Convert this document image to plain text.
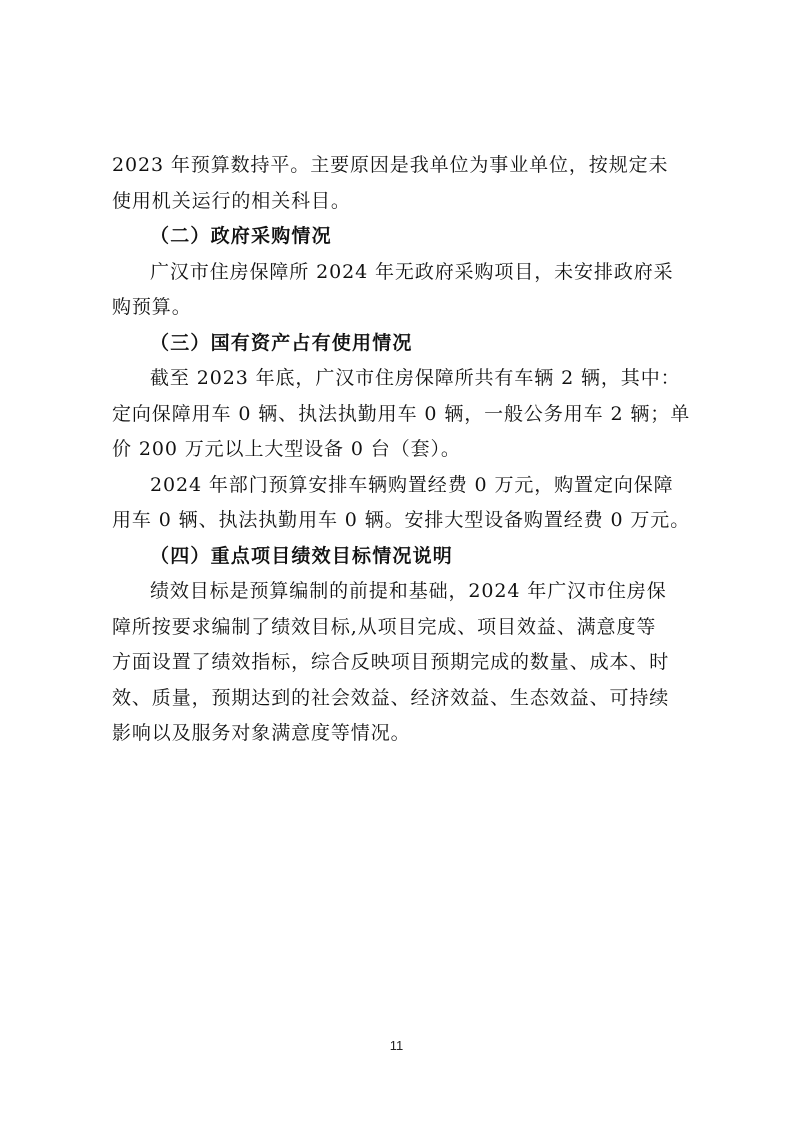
2023 年预算数持平。主要原因是我单位为事业单位，按规定未
使用机关运行的相关科目。
（二）政府采购情况
广汉市住房保障所 2024 年无政府采购项目，未安排政府采
购预算。
（三）国有资产占有使用情况
截至 2023 年底，广汉市住房保障所共有车辆 2 辆，其中：
定向保障用车 0 辆、执法执勤用车 0 辆，一般公务用车 2 辆；单
价 200 万元以上大型设备 0 台（套）。
2024 年部门预算安排车辆购置经费 0 万元，购置定向保障
用车 0 辆、执法执勤用车 0 辆。安排大型设备购置经费 0 万元。
（四）重点项目绩效目标情况说明
绩效目标是预算编制的前提和基础，2024 年广汉市住房保
障所按要求编制了绩效目标,从项目完成、项目效益、满意度等
方面设置了绩效指标，综合反映项目预期完成的数量、成本、时
效、质量，预期达到的社会效益、经济效益、生态效益、可持续
影响以及服务对象满意度等情况。
11
